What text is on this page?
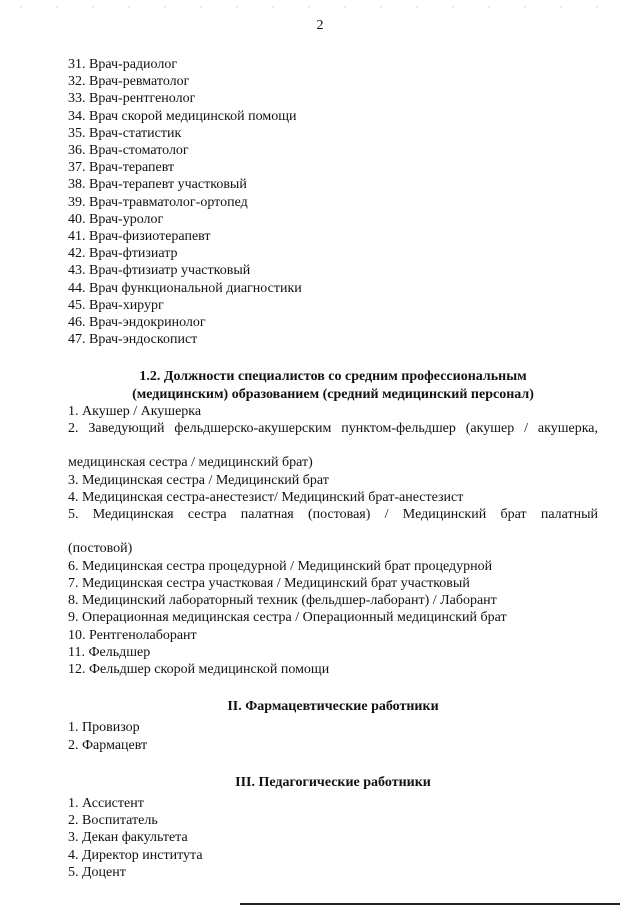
2
31. Врач-радиолог
32. Врач-ревматолог
33. Врач-рентгенолог
34. Врач скорой медицинской помощи
35. Врач-статистик
36. Врач-стоматолог
37. Врач-терапевт
38. Врач-терапевт участковый
39. Врач-травматолог-ортопед
40. Врач-уролог
41. Врач-физиотерапевт
42. Врач-фтизиатр
43. Врач-фтизиатр участковый
44. Врач функциональной диагностики
45. Врач-хирург
46. Врач-эндокринолог
47. Врач-эндоскопист
1.2. Должности специалистов со средним профессиональным
(медицинским) образованием (средний медицинский персонал)
1. Акушер / Акушерка
2. Заведующий фельдшерско-акушерским пунктом-фельдшер (акушер / акушерка,
медицинская сестра / медицинский брат)
3. Медицинская сестра / Медицинский брат
4. Медицинская сестра-анестезист/ Медицинский брат-анестезист
5. Медицинская сестра палатная (постовая) / Медицинский брат палатный
(постовой)
6. Медицинская сестра процедурной / Медицинский брат процедурной
7. Медицинская сестра участковая / Медицинский брат участковый
8. Медицинский лабораторный техник (фельдшер-лаборант) / Лаборант
9. Операционная медицинская сестра / Операционный медицинский брат
10. Рентгенолаборант
11. Фельдшер
12. Фельдшер скорой медицинской помощи
II. Фармацевтические работники
1. Провизор
2. Фармацевт
III. Педагогические работники
1. Ассистент
2. Воспитатель
3. Декан факультета
4. Директор института
5. Доцент
